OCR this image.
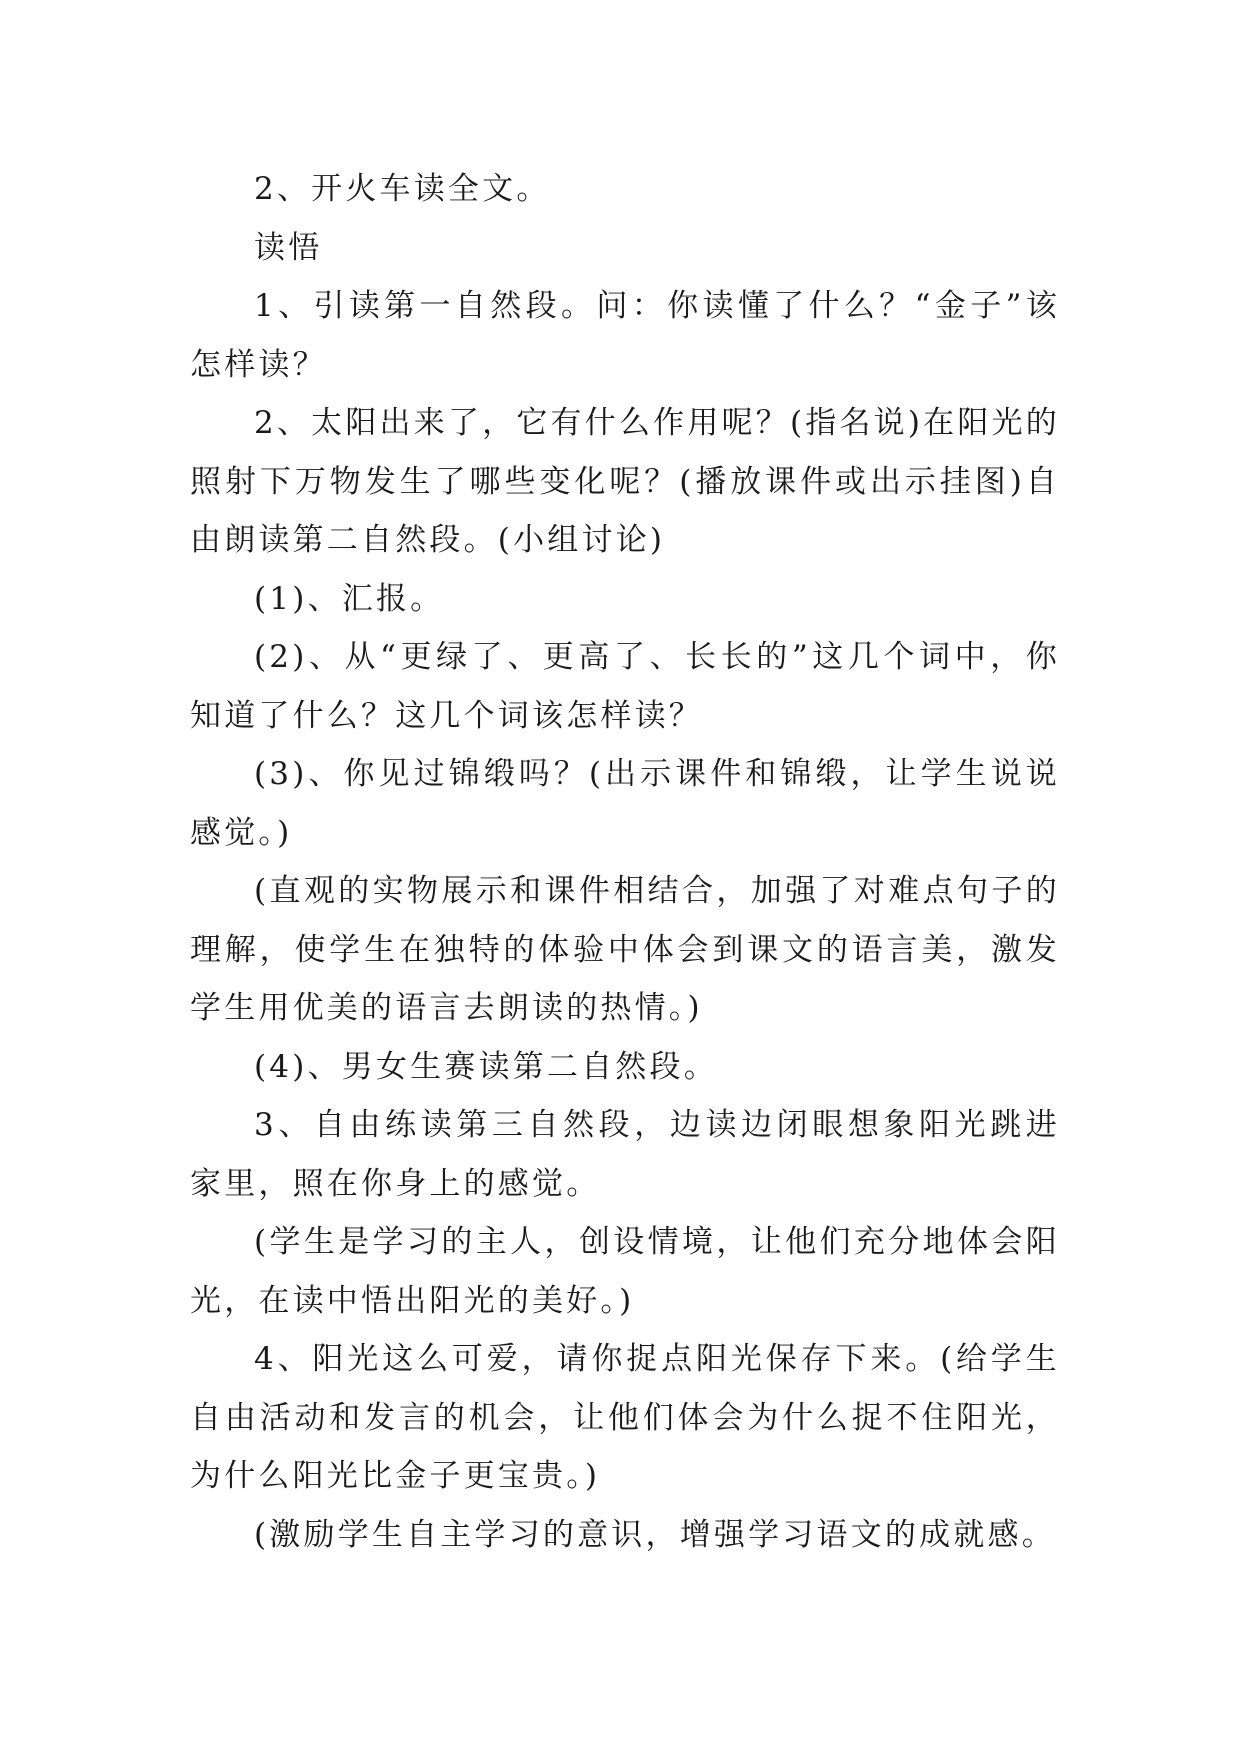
2、开火车读全文。

读悟

1、引读第一自然段。问：你读懂了什么？“金子”该怎样读？

2、太阳出来了，它有什么作用呢？(指名说)在阳光的照射下万物发生了哪些变化呢？(播放课件或出示挂图)自由朗读第二自然段。(小组讨论)

(1)、汇报。

(2)、从“更绿了、更高了、长长的”这几个词中，你知道了什么？这几个词该怎样读？

(3)、你见过锦缎吗？(出示课件和锦缎，让学生说说感觉。)

(直观的实物展示和课件相结合，加强了对难点句子的理解，使学生在独特的体验中体会到课文的语言美，激发学生用优美的语言去朗读的热情。)

(4)、男女生赛读第二自然段。

3、自由练读第三自然段，边读边闭眼想象阳光跳进家里，照在你身上的感觉。

(学生是学习的主人，创设情境，让他们充分地体会阳光，在读中悟出阳光的美好。)

4、阳光这么可爱，请你捉点阳光保存下来。(给学生自由活动和发言的机会，让他们体会为什么捉不住阳光，为什么阳光比金子更宝贵。)

(激励学生自主学习的意识，增强学习语文的成就感。
